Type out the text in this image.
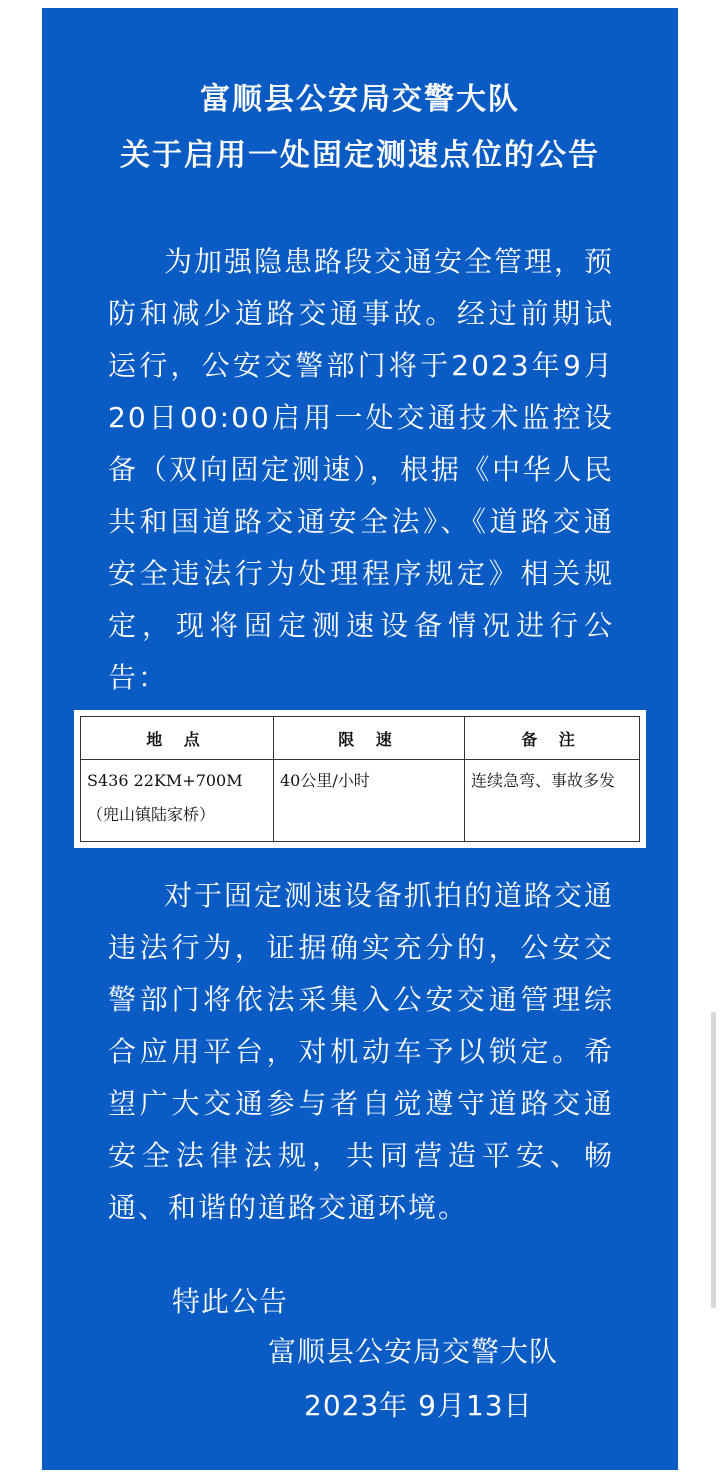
富顺县公安局交警大队
关于启用一处固定测速点位的公告
为加强隐患路段交通安全管理，预防和减少道路交通事故。经过前期试运行，公安交警部门将于2023年9月20日00:00启用一处交通技术监控设备（双向固定测速），根据《中华人民共和国道路交通安全法》、《道路交通安全违法行为处理程序规定》相关规定，现将固定测速设备情况进行公告：
地 点	限 速	备 注
S436 22KM+700M（兜山镇陆家桥）	40公里/小时	连续急弯、事故多发
对于固定测速设备抓拍的道路交通违法行为，证据确实充分的，公安交警部门将依法采集入公安交通管理综合应用平台，对机动车予以锁定。希望广大交通参与者自觉遵守道路交通安全法律法规，共同营造平安、畅通、和谐的道路交通环境。
特此公告
富顺县公安局交警大队
2023年 9月13日
